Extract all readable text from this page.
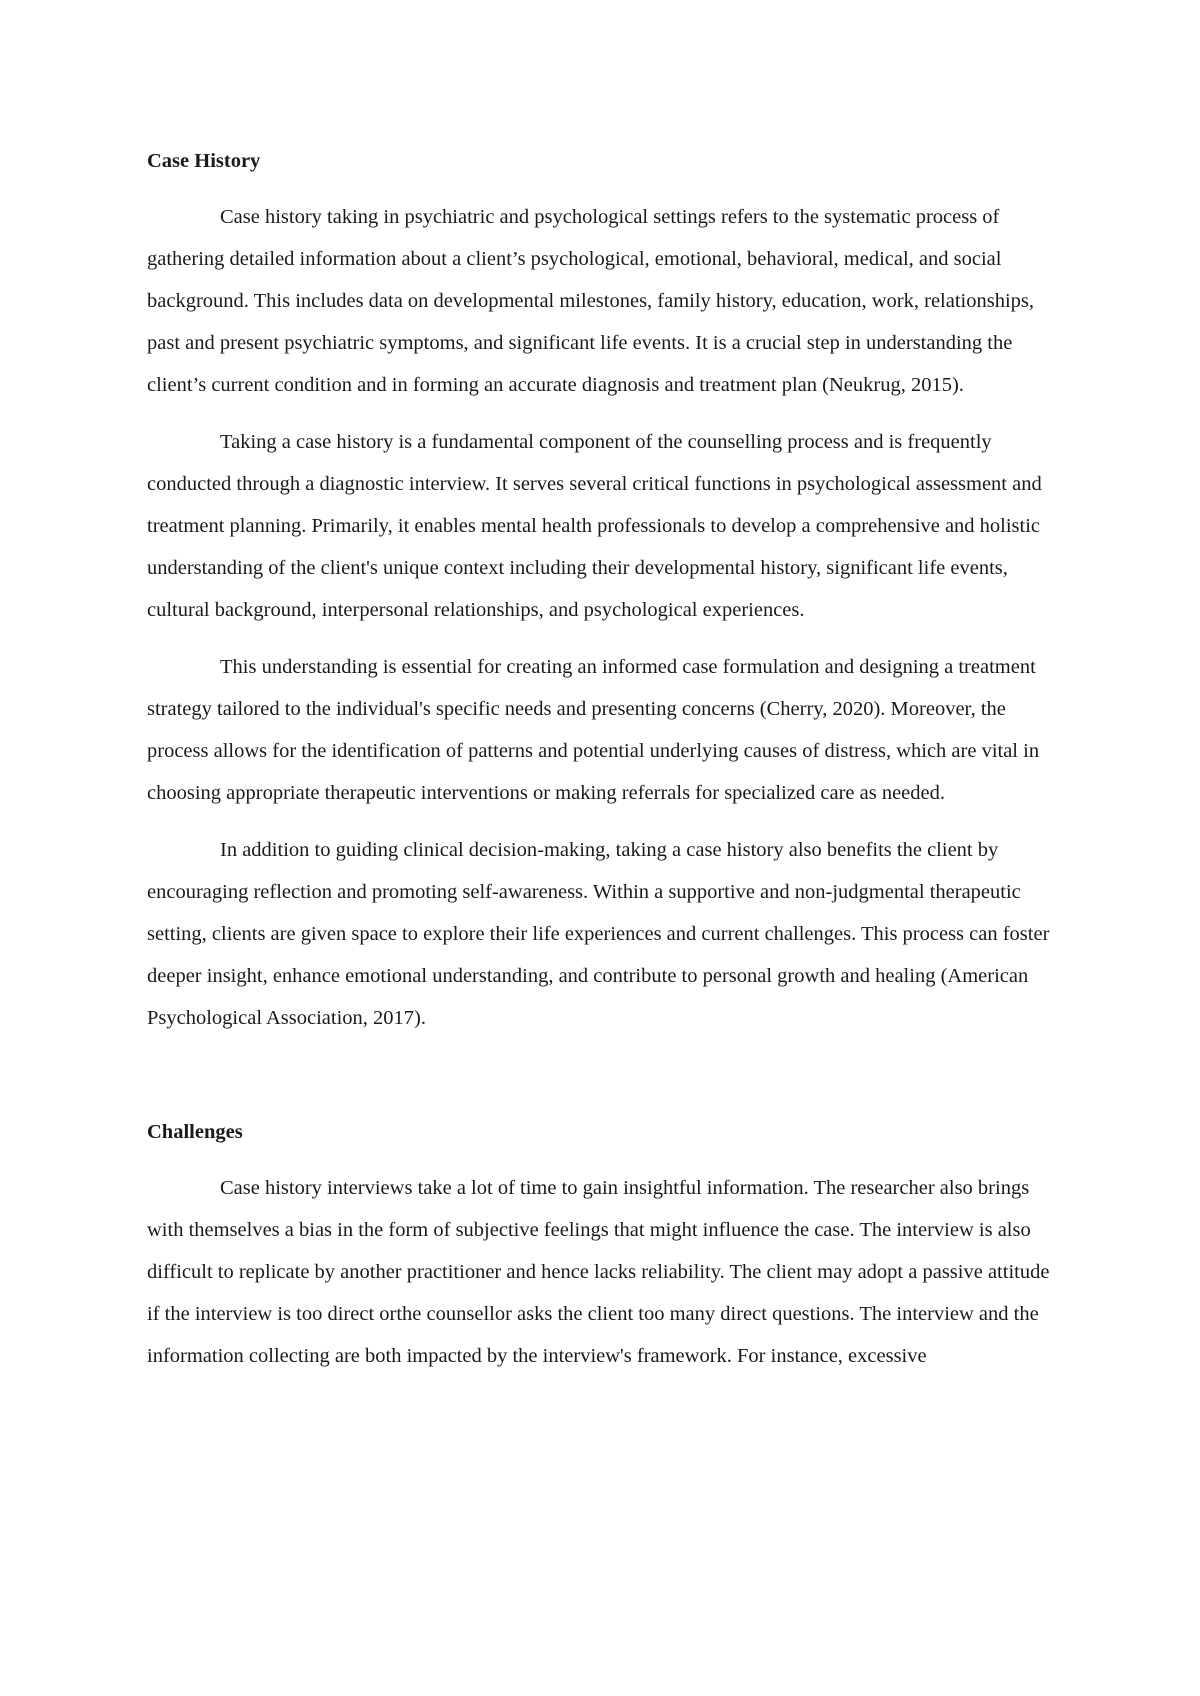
Case History

Case history taking in psychiatric and psychological settings refers to the systematic process of gathering detailed information about a client’s psychological, emotional, behavioral, medical, and social background. This includes data on developmental milestones, family history, education, work, relationships, past and present psychiatric symptoms, and significant life events. It is a crucial step in understanding the client’s current condition and in forming an accurate diagnosis and treatment plan (Neukrug, 2015).

Taking a case history is a fundamental component of the counselling process and is frequently conducted through a diagnostic interview. It serves several critical functions in psychological assessment and treatment planning. Primarily, it enables mental health professionals to develop a comprehensive and holistic understanding of the client's unique context including their developmental history, significant life events, cultural background, interpersonal relationships, and psychological experiences.

This understanding is essential for creating an informed case formulation and designing a treatment strategy tailored to the individual's specific needs and presenting concerns (Cherry, 2020). Moreover, the process allows for the identification of patterns and potential underlying causes of distress, which are vital in choosing appropriate therapeutic interventions or making referrals for specialized care as needed.

In addition to guiding clinical decision-making, taking a case history also benefits the client by encouraging reflection and promoting self-awareness. Within a supportive and non-judgmental therapeutic setting, clients are given space to explore their life experiences and current challenges. This process can foster deeper insight, enhance emotional understanding, and contribute to personal growth and healing (American Psychological Association, 2017).

Challenges

Case history interviews take a lot of time to gain insightful information. The researcher also brings with themselves a bias in the form of subjective feelings that might influence the case. The interview is also difficult to replicate by another practitioner and hence lacks reliability. The client may adopt a passive attitude if the interview is too direct orthe counsellor asks the client too many direct questions. The interview and the information collecting are both impacted by the interview's framework. For instance, excessive
